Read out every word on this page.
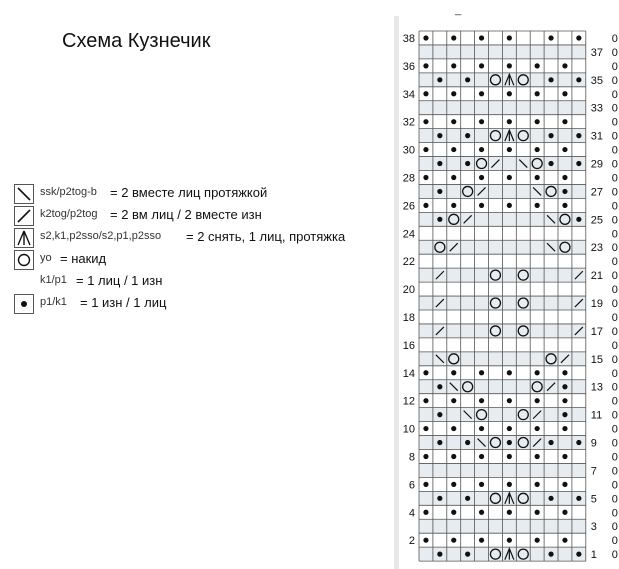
Схема Кузнечик
ssk/p2tog-b = 2 вместе лиц протяжкой
k2tog/p2tog = 2 вм лиц / 2 вместе изн
s2,k1,p2sso/s2,p1,p2sso = 2 снять, 1 лиц, протяжка
yo = накид
k1/p1 = 1 лиц / 1 изн
p1/k1 = 1 изн / 1 лиц
_
38	0
37 0
36	0
35 0
34	0
33 0
32	0
31 0
30	0
29 0
28	0
27 0
26	0
25 0
24	0
23 0
22	0
21 0
20	0
19 0
18	0
17 0
16	0
15 0
14	0
13 0
12	0
11 0
10	0
9 0
8	0
7 0
6	0
5 0
4	0
3 0
2	0
1 0
